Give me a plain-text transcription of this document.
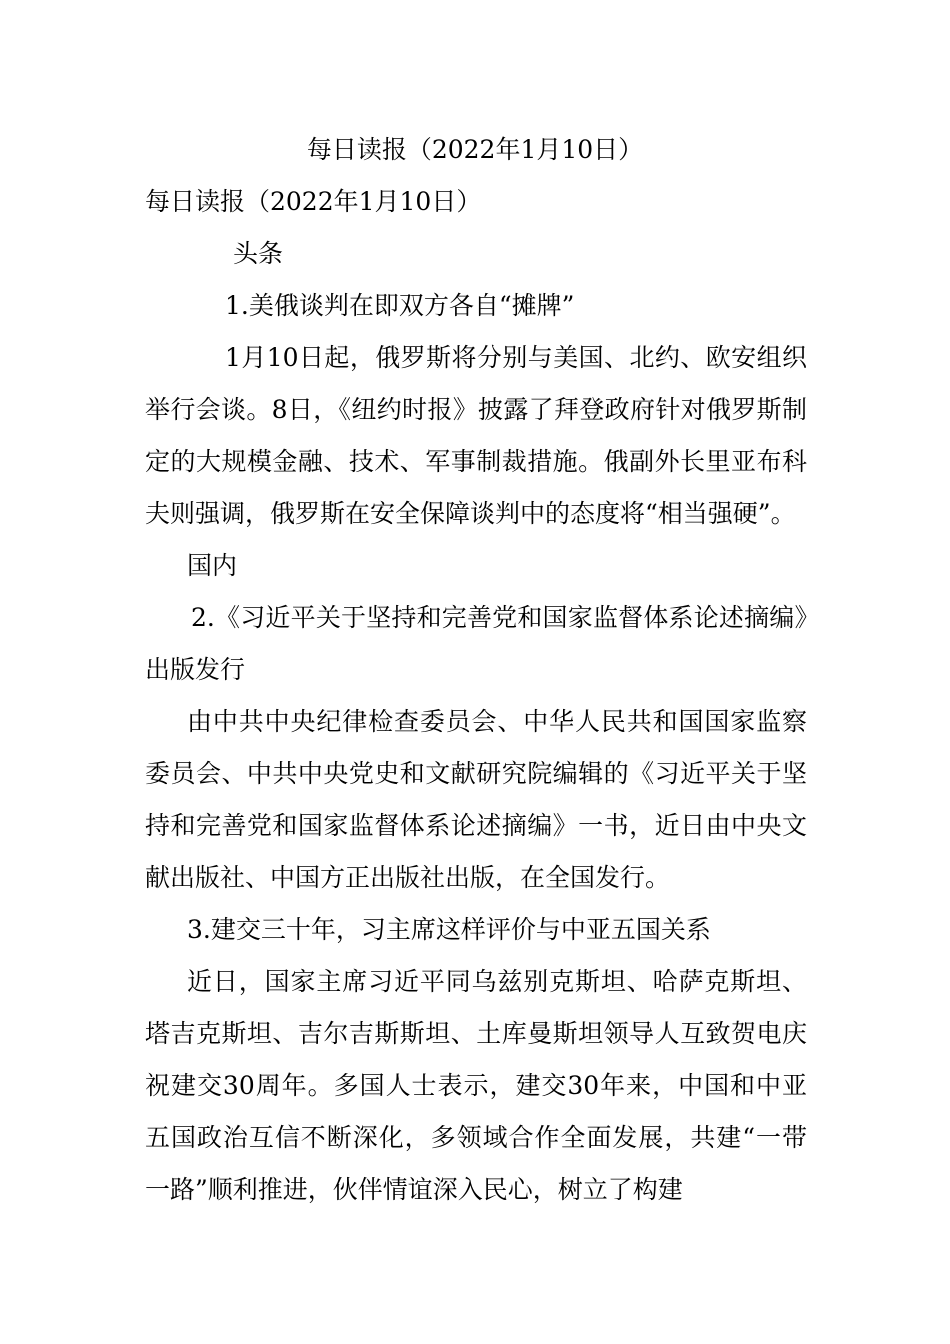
每日读报（2022年1月10日）

每日读报（2022年1月10日）

头条

1.美俄谈判在即双方各自“摊牌”

1月10日起，俄罗斯将分别与美国、北约、欧安组织举行会谈。8日，《纽约时报》披露了拜登政府针对俄罗斯制定的大规模金融、技术、军事制裁措施。俄副外长里亚布科夫则强调，俄罗斯在安全保障谈判中的态度将“相当强硬”。

国内

2.《习近平关于坚持和完善党和国家监督体系论述摘编》出版发行

由中共中央纪律检查委员会、中华人民共和国国家监察委员会、中共中央党史和文献研究院编辑的《习近平关于坚持和完善党和国家监督体系论述摘编》一书，近日由中央文献出版社、中国方正出版社出版，在全国发行。

3.建交三十年，习主席这样评价与中亚五国关系

近日，国家主席习近平同乌兹别克斯坦、哈萨克斯坦、塔吉克斯坦、吉尔吉斯斯坦、土库曼斯坦领导人互致贺电庆祝建交30周年。多国人士表示，建交30年来，中国和中亚五国政治互信不断深化，多领域合作全面发展，共建“一带一路”顺利推进，伙伴情谊深入民心，树立了构建
